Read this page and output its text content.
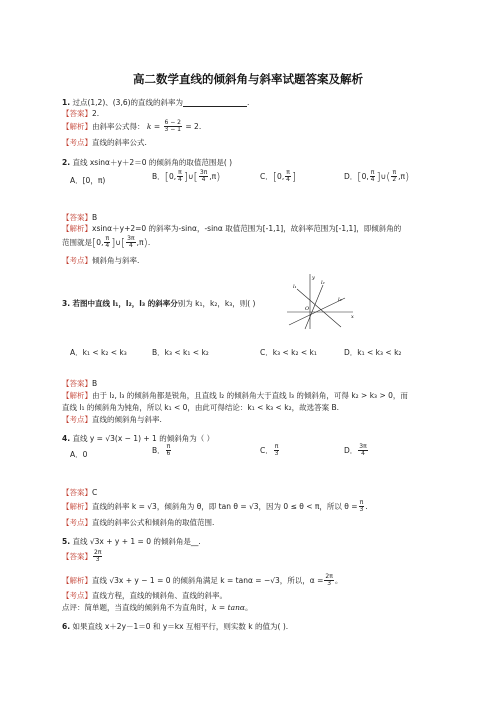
高二数学直线的倾斜角与斜率试题答案及解析
1. 过点(1,2)、(3,6)的直线的斜率为	.
【答案】2.
【解析】由斜率公式得： $k = \frac{6 - 2}{3 - 1} = 2$.
【考点】直线的斜率公式.
2. 直线 xsinα＋y＋2＝0 的倾斜角的取值范围是( )
A．[0，π)	B．[0, $\frac{\pi}{4}$ ]∪[ $\frac{3\pi}{4} ,\pi$)	C．[0, $\frac{\pi}{4}$ ]	D．[0, $\frac{\pi}{4}$ ]∪( $\frac{\pi}{2} ,\pi$)
【答案】B
【解析】xsinα＋y+2=0 的斜率为-sinα，-sinα 取值范围为[-1,1]，故斜率范围为[-1,1]，即倾斜角的
范围就是[0, $\frac{\pi}{4}$ ]∪[ $\frac{3\pi}{4} ,\pi$).
【考点】倾斜角与斜率.
3. 若图中直线 l₁，l₂，l₃ 的斜率分别为 k₁，k₂，k₃，则( )
y
x
O
l₁
l₂
l₃
A．k₁ < k₂ < k₃	B．k₃ < k₁ < k₂	C．k₃ < k₂ < k₁	D．k₁ < k₃ < k₂
【答案】B
【解析】由于 l₂, l₃ 的倾斜角都是锐角，且直线 l₂ 的倾斜角大于直线 l₃ 的倾斜角，可得 k₂ > k₃ > 0，而
直线 l₁ 的倾斜角为钝角，所以 k₁ < 0，由此可得结论：k₁ < k₃ < k₂，故选答案 B.
【考点】直线的倾斜角与斜率.
4. 直线 y = √3(x − 1) + 1 的倾斜角为（ ）
A．0	B． $\frac{\pi}{6}$	C． $\frac{\pi}{3}$	D． $\frac{3\pi}{4}$
【答案】C
【解析】直线的斜率 k = √3，倾斜角为 θ，即 tan θ = √3，因为 0 ≤ θ < π，所以 $\theta = \frac{\pi}{3}$ .
【考点】直线的斜率公式和倾斜角的取值范围.
5. 直线 √3x + y + 1 = 0 的倾斜角是__.
【答案】 $\frac{2\pi}{3}$
【解析】直线 √3x + y − 1 = 0 的倾斜角满足 k = tanα = −√3，所以，$\alpha = \frac{2\pi}{3}$ 。
【考点】直线方程，直线的倾斜角、直线的斜率。
点评：简单题，当直线的倾斜角不为直角时，k = tanα。
6. 如果直线 x＋2y－1＝0 和 y＝kx 互相平行，则实数 k 的值为( ).
